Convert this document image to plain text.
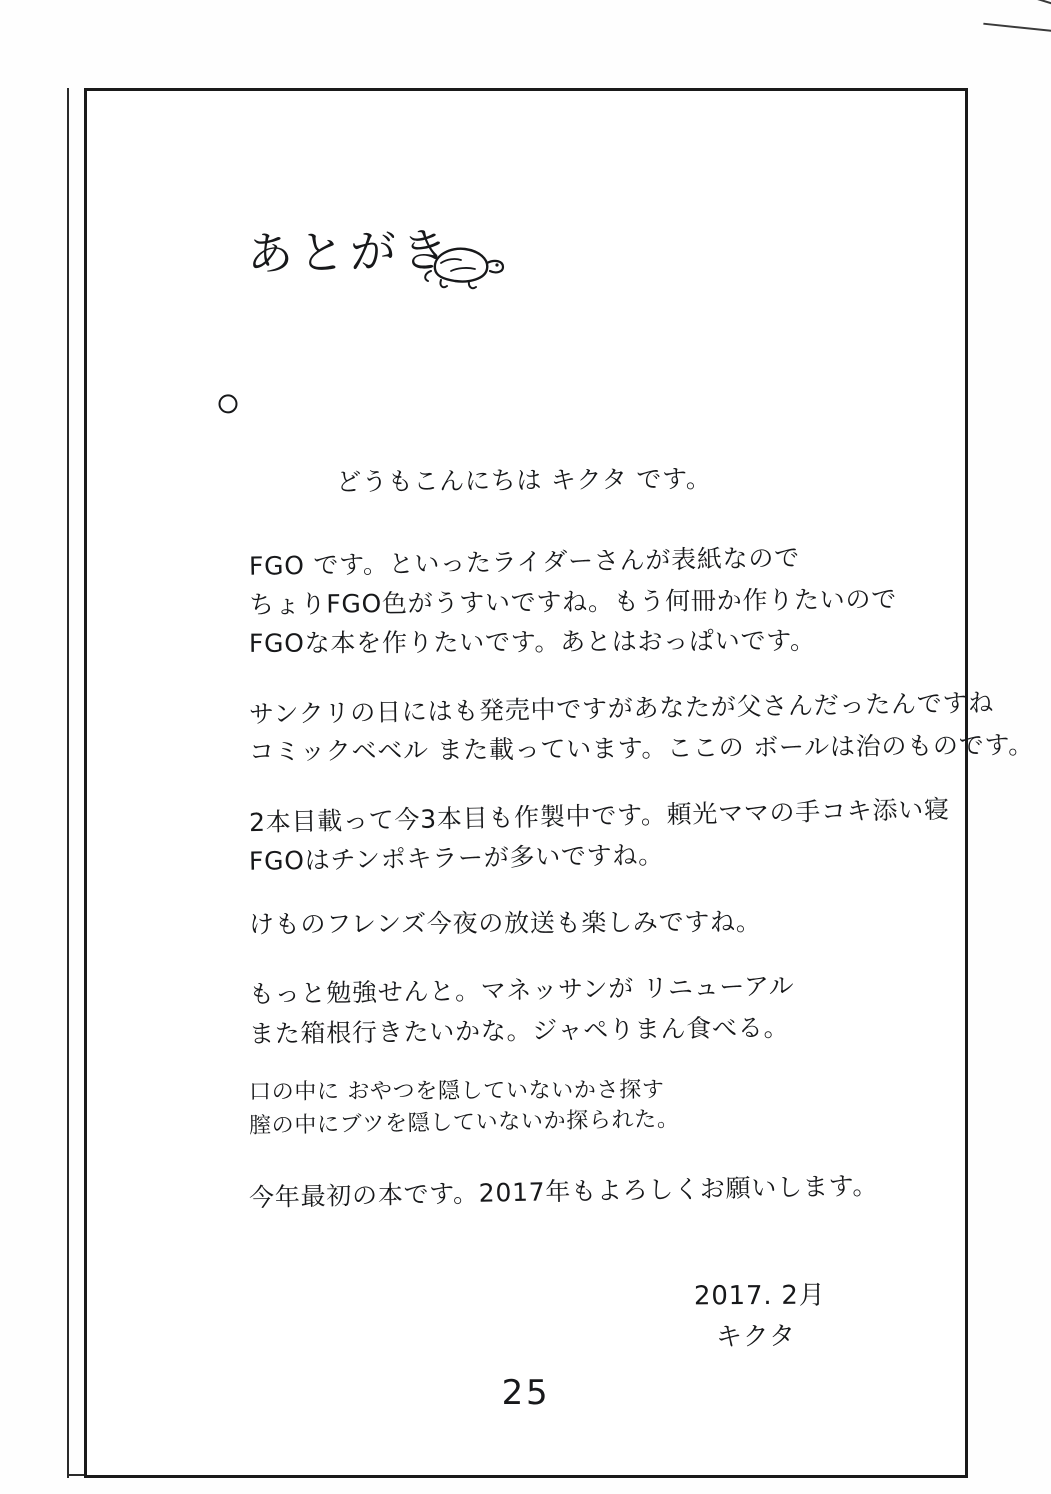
あとがき

どうもこんにちは キクタ です。

FGO です。といったライダーさんが表紙なので
ちょりFGO色がうすいですね。もう何冊か作りたいので
FGOな本を作りたいです。あとはおっぱいです。
サンクリの日にはも発売中ですがあなたが父さんだったんですね
コミックベベル また載っています。ここの ボールは治のものです。
2本目載って今3本目も作製中です。頼光ママの手コキ添い寝
FGOはチンポキラーが多いですね。
けものフレンズ今夜の放送も楽しみですね。
もっと勉強せんと。マネッサンが リニューアル
また箱根行きたいかな。ジャペりまん食べる。
口の中に おやつを隠していないかさ探す
膣の中にブツを隠していないか探られた。
今年最初の本です。2017年もよろしくお願いします。
2017. 2月
キクタ
25
